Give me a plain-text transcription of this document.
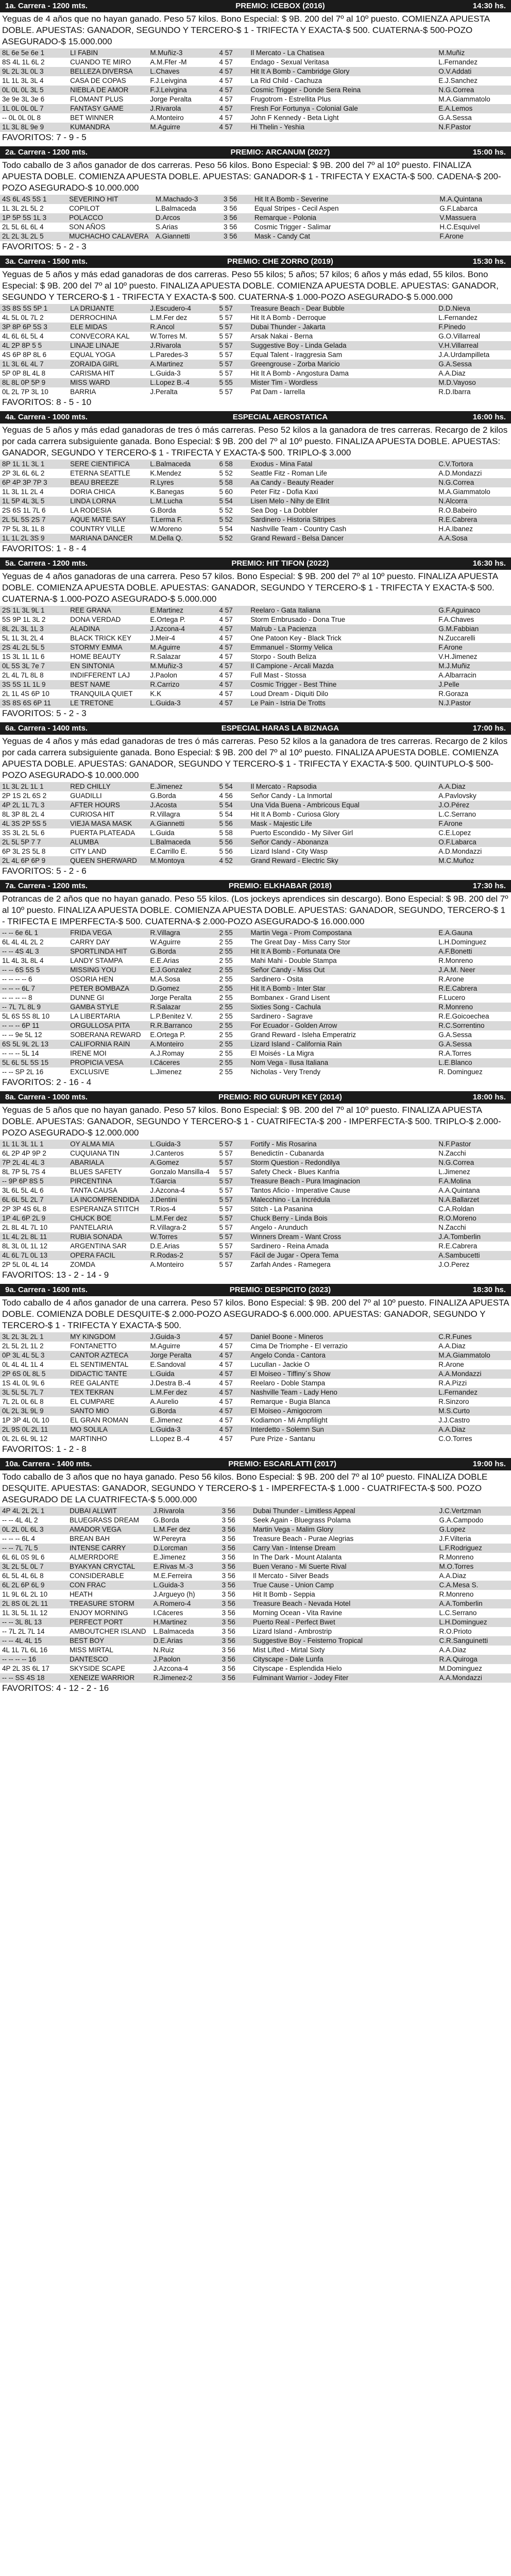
1a. Carrera - 1200 mts.	PREMIO: ICEBOX (2016)	14:30 hs.
Yeguas de 4 años que no hayan ganado. Peso 57 kilos. Bono Especial: $ 9B. 200 del 7º al 10º puesto. COMIENZA APUESTA DOBLE. APUESTAS: GANADOR, SEGUNDO Y TERCERO-$ 1 - TRIFECTA Y EXACTA-$ 500. CUATERNA-$ 500-POZO ASEGURADO-$ 15.000.000
8L 6e 5e 6e 1	LI FABIN	M.Muñiz-3	4 57	Il Mercato - La Chatisea	M.Muñiz
8S 4L 1L 6L 2	CUANDO TE MIRO	A.M.Ffer -M	4 57	Endago - Sexual Veritasa	L.Fernandez
9L 2L 3L 0L 3	BELLEZA DIVERSA	L.Chaves	4 57	Hit It A Bomb - Cambridge Glory	O.V.Addati
1L 1L 3L 3L 4	CASA DE COPAS	F.J.Leivgina	4 57	La Rid Child - Cachuza	E.J.Sanchez
0L 0L 0L 3L 5	NIEBLA DE AMOR	F.J.Leivgina	4 57	Cosmic Trigger - Donde Sera Reina	N.G.Correa
3e 9e 3L 3e 6	FLOMANT PLUS	Jorge Peralta	4 57	Frugotrom - Estrellita Plus	M.A.Giammatolo
1L 0L 0L 0L 7	FANTASY GAME	J.Rivarola	4 57	Fresh For Fortunya - Colonial Gale	E.A.Lemos
-- 0L 0L 0L 8	BET WINNER	A.Monteiro	4 57	John F Kennedy - Beta Light	G.A.Sessa
1L 3L 8L 9e 9	KUMANDRA	M.Aguirre	4 57	Hi Thelin - Yeshia	N.F.Pastor
FAVORITOS: 7 - 9 - 5
2a. Carrera - 1200 mts.	PREMIO: ARCANUM (2027)	15:00 hs.
Todo caballo de 3 años ganador de dos carreras. Peso 56 kilos. Bono Especial: $ 9B. 200 del 7º al 10º puesto. FINALIZA APUESTA DOBLE. COMIENZA APUESTA DOBLE. APUESTAS: GANADOR-$ 1 - TRIFECTA Y EXACTA-$ 500. CADENA-$ 200-POZO ASEGURADO-$ 10.000.000
4S 6L 4S 5S 1	SEVERINO HIT	M.Machado-3	3 56	Hit It A Bomb - Severine	M.A.Quintana
1L 3L 2L 5L 2	COPILOT	L.Balmaceda	3 56	Equal Stripes - Cecil Aspen	G.F.Labarca
1P 5P 5S 1L 3	POLACCO	D.Arcos	3 56	Remarque - Polonia	V.Massuera
2L 5L 6L 6L 4	SON AÑOS	S.Arias	3 56	Cosmic Trigger - Salimar	H.C.Esquivel
2L 2L 3L 2L 5	MUCHACHO CALAVERA	A.Giannetti	3 56	Mask - Candy Cat	F.Arone
FAVORITOS: 5 - 2 - 3
3a. Carrera - 1500 mts.	PREMIO: CHE ZORRO (2019)	15:30 hs.
Yeguas de 5 años y más edad ganadoras de dos carreras. Peso 55 kilos; 5 años; 57 kilos; 6 años y más edad, 55 kilos. Bono Especial: $ 9B. 200 del 7º al 10º puesto. FINALIZA APUESTA DOBLE. COMIENZA APUESTA DOBLE. APUESTAS: GANADOR, SEGUNDO Y TERCERO-$ 1 - TRIFECTA Y EXACTA-$ 500. CUATERNA-$ 1.000-POZO ASEGURADO-$ 5.000.000
3S 8S 5S 5P 1	LA DRIJANTE	J.Escudero-4	5 57	Treasure Beach - Dear Bubble	D.D.Nieva
4L 5L 0L 7L 2	DERROCHINA	L.M.Fer dez	5 57	Hit It A Bomb - Derroque	L.Fernandez
3P 8P 6P 5S 3	ELE MIDAS	R.Ancol	5 57	Dubai Thunder - Jakarta	F.Pinedo
4L 6L 6L 5L 4	CONVECORA KAL	W.Torres M.	5 57	Arsak Nakai - Berna	G.O.Villarreal
4L 2P 8P 5 5	LINAJE LINAJE	J.Rivarola	5 57	Suggestive Boy - Linda Gelada	V.H.Villarreal
4S 6P 8P 8L 6	EQUAL YOGA	L.Paredes-3	5 57	Equal Talent - Iraggresia Sam	J.A.Urdampilleta
1L 3L 6L 4L 7	ZORAIDA GIRL	A.Martinez	5 57	Greengrouse - Zorba Maricio	G.A.Sessa
5P 0P 8L 4L 8	CARISMA HIT	L.Guida-3	5 57	Hit It A Bomb - Angostura Dama	A.A.Diaz
8L 8L 0P 5P 9	MISS WARD	L.Lopez B.-4	5 55	Mister Tim - Wordless	M.D.Vayoso
0L 2L 7P 3L 10	BARRIA	J.Peralta	5 57	Pat Dam - Iarrella	R.D.Ibarra
FAVORITOS: 8 - 5 - 10
4a. Carrera - 1000 mts.	ESPECIAL AEROSTATICA	16:00 hs.
Yeguas de 5 años y más edad ganadoras de tres ó más carreras. Peso 52 kilos a la ganadora de tres carreras. Recargo de 2 kilos por cada carrera subsiguiente ganada. Bono Especial: $ 9B. 200 del 7º al 10º puesto. FINALIZA APUESTA DOBLE. APUESTAS: GANADOR, SEGUNDO Y TERCERO-$ 1 - TRIFECTA Y EXACTA-$ 500. TRIPLO-$ 3.000
8P 1L 1L 3L 1	SERE CIENTIFICA	L.Balmaceda	6 58	Exodus - Mina Fatal	C.V.Tortora
2P 3L 6L 6L 2	ETERNA SEATTLE	K.Mendez	5 52	Seattle Fitz - Roman Life	A.D.Mondazzi
6P 4P 3P 7P 3	BEAU BREEZE	R.Lyres	5 58	Aa Candy - Beauty Reader	N.G.Correa
1L 3L 1L 2L 4	DORIA CHICA	K.Banegas	5 60	Peter Fitz - Dofia Kaxi	M.A.Giammatolo
1L 5P 4L 3L 5	LINDA LORNA	L.M.Lucha	5 54	Lisen Melo - Nihy de Ellrit	N.Alcorra
2S 6S 1L 7L 6	LA RODESIA	G.Borda	5 52	Sea Dog - La Dobbler	R.O.Babeiro
2L 5L 5S 2S 7	AQUE MATE SAY	T.Lerma F.	5 52	Sardinero - Historia Sitripes	R.E.Cabrera
7P 5L 3L 1L 8	COUNTRY VILLE	W.Moreno	5 54	Nashville Team - Country Cash	H.A.Ibanez
1L 1L 2L 3S 9	MARIANA DANCER	M.Della Q.	5 52	Grand Reward - Belsa Dancer	A.A.Sosa
FAVORITOS: 1 - 8 - 4
5a. Carrera - 1200 mts.	PREMIO: HIT TIFON (2022)	16:30 hs.
Yeguas de 4 años ganadoras de una carrera. Peso 57 kilos. Bono Especial: $ 9B. 200 del 7º al 10º puesto. FINALIZA APUESTA DOBLE. COMIENZA APUESTA DOBLE. APUESTAS: GANADOR, SEGUNDO Y TERCERO-$ 1 - TRIFECTA Y EXACTA-$ 500. CUATERNA-$ 1.000-POZO ASEGURADO-$ 5.000.000
2S 1L 3L 9L 1	REE GRANA	E.Martinez	4 57	Reelaro - Gata Italiana	G.F.Aguinaco
5S 9P 1L 3L 2	DONA VERDAD	E.Ortega P.	4 57	Storm Embrusado - Dona True	F.A.Chaves
8L 2L 3L 1L 3	ALADINA	J.Azcona-4	4 57	Malrub - La Pacienza	G.M.Fabbian
5L 1L 3L 2L 4	BLACK TRICK KEY	J.Meir-4	4 57	One Patoon Key - Black Trick	N.Zuccarelli
2S 4L 2L 5L 5	STORMY EMMA	M.Aguirre	4 57	Emmanuel - Stormy Velica	F.Arone
1S 3L 1L 1L 6	HOME BEAUTY	R.Salazar	4 57	Storpo - South Beliza	V.H.Jimenez
0L 5S 3L 7e 7	EN SINTONIA	M.Muñiz-3	4 57	Il Campione - Arcali Mazda	M.J.Muñiz
2L 4L 7L 8L 8	INDIFFERENT LAJ	J.Paolon	4 57	Full Mast - Stossa	A.Albarracin
3S 5S 1L 1L 9	BEST NAME	R.Carrizo	4 57	Cosmic Trigger - Best Thine	J.Pelle
2L 1L 4S 6P 10	TRANQUILA QUIET	K.K	4 57	Loud Dream - Diquiti Dilo	R.Goraza
3S 8S 6S 6P 11	LE TRETONE	L.Guida-3	4 57	Le Pain - Istria De Trotts	N.J.Pastor
FAVORITOS: 5 - 2 - 3
6a. Carrera - 1400 mts.	ESPECIAL HARAS LA BIZNAGA	17:00 hs.
Yeguas de 4 años y más edad ganadoras de tres ó más carreras. Peso 52 kilos a la ganadora de tres carreras. Recargo de 2 kilos por cada carrera subsiguiente ganada. Bono Especial: $ 9B. 200 del 7º al 10º puesto. FINALIZA APUESTA DOBLE. COMIENZA APUESTA DOBLE. APUESTAS: GANADOR, SEGUNDO Y TERCERO-$ 1 - TRIFECTA Y EXACTA-$ 500. QUINTUPLO-$ 500-POZO ASEGURADO-$ 10.000.000
1L 3L 2L 1L 1	RED CHILLY	E.Jimenez	5 54	Il Mercato - Rapsodia	A.A.Diaz
2P 1S 2L 6S 2	GUADILLI	G.Borda	4 56	Señor Candy - La Inmortal	A.Pavlovsky
4P 2L 1L 7L 3	AFTER HOURS	J.Acosta	5 54	Una Vida Buena - Ambricous Equal	J.O.Pérez
8L 3P 8L 2L 4	CURIOSA HIT	R.Villagra	5 54	Hit It A Bomb - Curiosa Glory	L.C.Serrano
4L 3S 2P 5S 5	VIEJA MASA MASK	A.Giannetti	5 56	Mask - Majestic Life	F.Arone
3S 3L 2L 5L 6	PUERTA PLATEADA	L.Guida	5 58	Puerto Escondido - My Silver Girl	C.E.Lopez
2L 5L 5P 7 7	ALUMBA	L.Balmaceda	5 56	Señor Candy - Abonanza	O.F.Labarca
6P 3L 2S 5L 8	CITY LAND	E.Carrillo E.	5 56	Lizard Island - City Wasp	A.D.Mondazzi
2L 4L 6P 6P 9	QUEEN SHERWARD	M.Montoya	4 52	Grand Reward - Electric Sky	M.C.Muñoz
FAVORITOS: 5 - 2 - 6
7a. Carrera - 1200 mts.	PREMIO: ELKHABAR (2018)	17:30 hs.
Potrancas de 2 años que no hayan ganado. Peso 55 kilos. (Los jockeys aprendices sin descargo). Bono Especial: $ 9B. 200 del 7º al 10º puesto. FINALIZA APUESTA DOBLE. COMIENZA APUESTA DOBLE. APUESTAS: GANADOR, SEGUNDO, TERCERO-$ 1 - TRIFECTA E IMPERFECTA-$ 500. CUATERNA-$ 2.000-POZO ASEGURADO-$ 16.000.000
-- -- 6e 6L 1	FRIDA VEGA	R.Villagra	2 55	Martin Vega - Prom Compostana	E.A.Gauna
6L 4L 4L 2L 2	CARRY DAY	W.Aguirre	2 55	The Great Day - Miss Carry Stor	L.H.Dominguez
-- -- 4S 4L 3	SPORTLINDA HIT	G.Borda	2 55	Hit It A Bomb - Fortunata Ore	A.F.Bonetti
1L 4L 3L 8L 4	LANDY STAMPA	E.E.Arias	2 55	Mahi Mahi - Double Stampa	R.Monreno
-- -- 6S 5S 5	MISSING YOU	E.J.Gonzalez	2 55	Señor Candy - Miss Out	J.A.M. Neer
-- -- -- -- 6	OSORIA HEN	M.A.Sosa	2 55	Sardinero - Osita	R.Arone
-- -- -- 6L 7	PETER BOMBAZA	D.Gomez	2 55	Hit It A Bomb - Inter Star	R.E.Cabrera
-- -- -- -- 8	DUNNE GI	Jorge Peralta	2 55	Bombanex - Grand Lisent	F.Lucero
-- 7L 7L 8L 9	GAMBA STYLE	R.Salazar	2 55	Sixties Song - Cachula	R.Monreno
5L 6S 5S 8L 10	LA LIBERTARIA	L.P.Benitez V.	2 55	Sardinero - Sagrave	R.E.Goicoechea
-- -- -- 6P 11	ORGULLOSA PITA	R.R.Barranco	2 55	For Ecuador - Golden Arrow	R.C.Sorrentino
-- -- 9e 5L 12	SOBERANA REWARD	E.Ortega P.	2 55	Grand Reward - Isleha Emperatriz	G.A.Sessa
6S 5L 9L 2L 13	CALIFORNIA RAIN	A.Monteiro	2 55	Lizard Island - California Rain	G.A.Sessa
-- -- -- 5L 14	IRENE MOI	A.J.Romay	2 55	El Moisés - La Migra	R.A.Torres
5L 6L 5L 5S 15	PROPICIA VESA	I.Cáceres	2 55	Nom Vega - Ilusa Italiana	L.E.Blanco
-- -- SP 2L 16	EXCLUSIVE	L.Jimenez	2 55	Nicholas - Very Trendy	R. Dominguez
FAVORITOS: 2 - 16 - 4
8a. Carrera - 1000 mts.	PREMIO: RIO GURUPI KEY (2014)	18:00 hs.
Yeguas de 5 años que no hayan ganado. Peso 57 kilos. Bono Especial: $ 9B. 200 del 7º al 10º puesto. FINALIZA APUESTA DOBLE. APUESTAS: GANADOR, SEGUNDO Y TERCERO-$ 1 - CUATRIFECTA-$ 200 - IMPERFECTA-$ 500. TRIPLO-$ 2.000-POZO ASEGURADO-$ 12.000.000
1L 1L 3L 1L 1	OY ALMA MIA	L.Guida-3	5 57	Fortify - Mis Rosarina	N.F.Pastor
6L 2P 4P 9P 2	CUQUIANA TIN	J.Canteros	5 57	Benedictín - Cubanarda	N.Zacchi
7P 2L 4L 4L 3	ABARIALA	A.Gomez	5 57	Storm Question - Redondilya	N.G.Correa
8L 7P 5L 7S 4	BLUES SAFETY	Gonzalo Mansilla-4	5 57	Safety Check - Blues Kanfria	L.Jimenez
-- 9P 6P 8S 5	PIRCENTINA	T.Garcia	5 57	Treasure Beach - Pura Imaginacion	F.A.Molina
3L 6L 5L 4L 6	TANTA CAUSA	J.Azcona-4	5 57	Tantos Aficio - Imperative Cause	A.A.Quintana
6L 6L 5L 2L 7	LA INCOMPRENDIDA	J.Dentini	5 57	Malecchino - La Incrédula	N.A.Ballarzet
2P 3P 4S 6L 8	ESPERANZA STITCH	T.Rios-4	5 57	Stitch - La Pasanina	C.A.Roldan
1P 4L 6P 2L 9	CHUCK BOE	L.M.Fer dez	5 57	Chuck Berry - Linda Bois	R.O.Moreno
2L 8L 4L 7L 10	PANTELARIA	R.Villagra-2	5 57	Angelo - Arunduch	N.Zacchi
1L 4L 2L 8L 11	RUBIA SONADA	W.Torres	5 57	Winners Dream - Want Cross	J.A.Tomberlin
8L 3L 0L 1L 12	ARGENTINA SAR	D.E.Arias	5 57	Sardinero - Reina Amada	R.E.Cabrera
4L 6L 7L 0L 13	OPERA FACIL	R.Rodas-2	5 57	Fácil de Jugar - Opera Tema	A.Sambucetti
2P 5L 0L 4L 14	ZOMDA	A.Monteiro	5 57	Zarfah Andes - Ramegera	J.O.Perez
FAVORITOS: 13 - 2 - 14 - 9
9a. Carrera - 1600 mts.	PREMIO: DESPICITO (2023)	18:30 hs.
Todo caballo de 4 años ganador de una carrera. Peso 57 kilos. Bono Especial: $ 9B. 200 del 7º al 10º puesto. FINALIZA APUESTA DOBLE. COMIENZA DOBLE DESQUITE-$ 2.000-POZO ASEGURADO-$ 6.000.000. APUESTAS: GANADOR, SEGUNDO Y TERCERO-$ 1 - TRIFECTA Y EXACTA-$ 500.
3L 2L 3L 2L 1	MY KINGDOM	J.Guida-3	4 57	Daniel Boone - Mineros	C.R.Funes
2L 5L 2L 1L 2	FONTANETTO	M.Aguirre	4 57	Cima De Triomphe - El verrazio	A.A.Diaz
0P 3L 4L 5L 3	CANTOR AZTECA	Jorge Peralta	4 57	Angelo Conda - Cantora	M.A.Giammatolo
0L 4L 4L 1L 4	EL SENTIMENTAL	E.Sandoval	4 57	Lucullan - Jackie O	R.Arone
2P 6S 0L 8L 5	DIDACTIC TANTE	L.Guida	4 57	El Moiseo - Tiffiny´s Show	A.A.Mondazzi
1S 4L 0L 9L 6	REE GALANTE	J.Destra B.-4	4 57	Reelaro - Doble Stampa	R.A.Pizzi
3L 5L 5L 7L 7	TEX TEKRAN	L.M.Fer dez	4 57	Nashville Team - Lady Heno	L.Fernandez
7L 2L 0L 6L 8	EL CUMPARE	A.Aurelio	4 57	Remarque - Bugia Blanca	R.Sinzoro
0L 2L 3L 9L 9	SANTO MIO	G.Borda	4 57	El Moiseo - Amigocrom	M.S.Curto
1P 3P 4L 0L 10	EL GRAN ROMAN	E.Jimenez	4 57	Kodiamon - Mi Ampfilight	J.J.Castro
2L 9S 0L 2L 11	MO SOLILA	L.Guida-3	4 57	Interdetto - Solemn Sun	A.A.Diaz
0L 2L 6L 9L 12	MARTINHO	L.Lopez B.-4	4 57	Pure Prize - Santanu	C.O.Torres
FAVORITOS: 1 - 2 - 8
10a. Carrera - 1400 mts.	PREMIO: ESCARLATTI (2017)	19:00 hs.
Todo caballo de 3 años que no haya ganado. Peso 56 kilos. Bono Especial: $ 9B. 200 del 7º al 10º puesto. FINALIZA DOBLE DESQUITE. APUESTAS: GANADOR, SEGUNDO Y TERCERO-$ 1 - IMPERFECTA-$ 1.000 - CUATRIFECTA-$ 500. POZO ASEGURADO DE LA CUATRIFECTA-$ 5.000.000
4P 4L 2L 2L 1	DUBAI ALLWIT	J.Rivarola	3 56	Dubai Thunder - Limitless Appeal	J.C.Vertzman
-- -- 4L 4L 2	BLUEGRASS DREAM	G.Borda	3 56	Seek Again - Bluegrass Polama	G.A.Campodo
0L 2L 0L 6L 3	AMADOR VEGA	L.M.Fer dez	3 56	Martin Vega - Malim Glory	G.Lopez
-- -- -- 6L 4	BREAN BAH	W.Pereyra	3 56	Treasure Beach - Purae Alegrias	J.F.Vilteria
-- -- 7L 7L 5	INTENSE CARRY	D.Lorcman	3 56	Carry Van - Intense Dream	L.F.Rodriguez
6L 6L 0S 9L 6	ALMERRDORE	E.Jimenez	3 56	In The Dark - Mount Atalanta	R.Monreno
3L 2L 5L 0L 7	BYAKYAN CRYCTAL	E.Rivas M.-3	3 56	Buen Verano - Mi Suerte Rival	M.O.Torres
6L 5L 4L 6L 8	CONSIDERABLE	M.E.Ferreira	3 56	Il Mercato - Silver Beads	A.A.Diaz
6L 2L 6P 6L 9	CON FRAC	L.Guida-3	3 56	True Cause - Union Camp	C.A.Mesa S.
1L 9L 6L 2L 10	HEATH	J.Argueyo (h)	3 56	Hit It Bomb - Seppia	R.Monreno
2L 8S 0L 2L 11	TREASURE STORM	A.Romero-4	3 56	Treasure Beach - Nevada Hotel	A.A.Tomberlin
1L 3L 5L 1L 12	ENJOY MORNING	I.Cáceres	3 56	Morning Ocean - Vita Ravine	L.C.Serrano
-- -- 3L 8L 13	PERFECT PORT	H.Martinez	3 56	Puerto Real - Perfect Bwet	L.H.Dominguez
-- 7L 2L 7L 14	AMBOUTCHER ISLAND	L.Balmaceda	3 56	Lizard Island - Ambrostrip	R.O.Prioto
-- -- 4L 4L 15	BEST BOY	D.E.Arias	3 56	Suggestive Boy - Feisterno Tropical	C.R.Sanguinetti
4L 1L 7L 6L 16	MISS MIRTAL	N.Ruiz	3 56	Mist Lifted - Mirtal Sixty	A.A.Diaz
-- -- -- -- 16	DANTESCO	J.Paolon	3 56	Cityscape - Dale Lunfa	R.A.Quiroga
4P 2L 3S 6L 17	SKYSIDE SCAPE	J.Azcona-4	3 56	Cityscape - Esplendida Hielo	M.Dominguez
-- -- SS 4S 18	XENEIZE WARRIOR	R.Jimenez-2	3 56	Fulminant Warrior - Jodey Fiter	A.A.Mondazzi
FAVORITOS: 4 - 12 - 2 - 16
